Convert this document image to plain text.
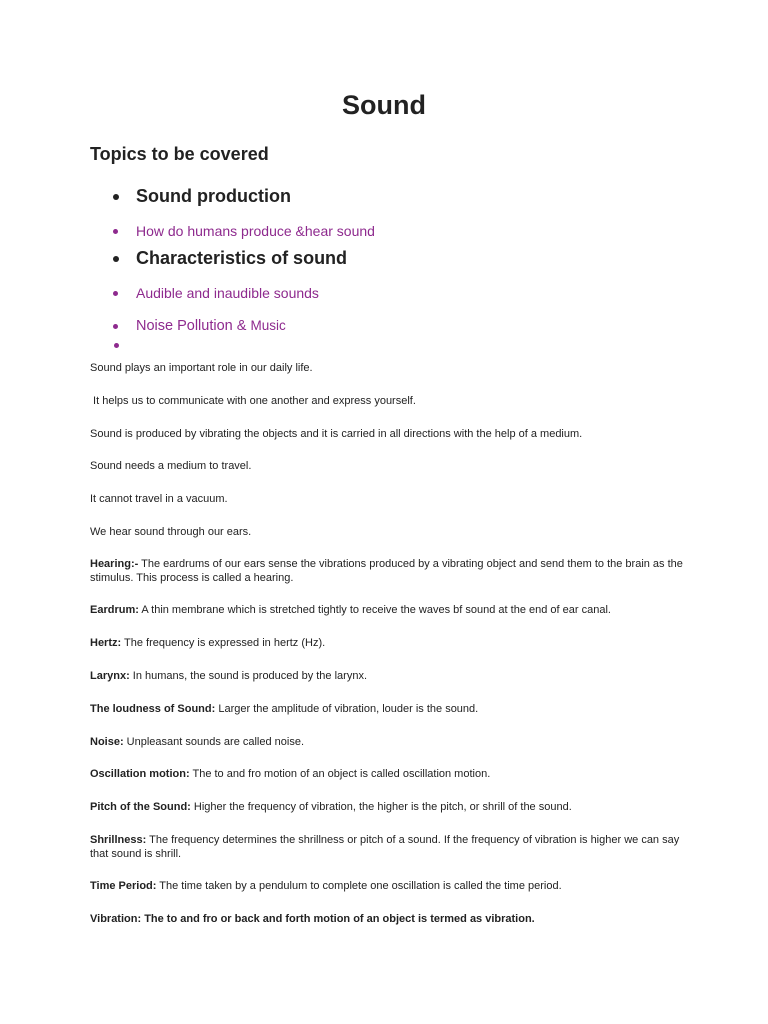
Sound
Topics to be covered
Sound production
How do humans produce &hear sound
Characteristics of sound
Audible and inaudible sounds
Noise Pollution & Music

Sound plays an important role in our daily life.

It helps us to communicate with one another and express yourself.

Sound is produced by vibrating the objects and it is carried in all directions with the help of a medium.

Sound needs a medium to travel.

It cannot travel in a vacuum.

We hear sound through our ears.

Hearing:- The eardrums of our ears sense the vibrations produced by a vibrating object and send them to the brain as the stimulus. This process is called a hearing.

Eardrum: A thin membrane which is stretched tightly to receive the waves bf sound at the end of ear canal.

Hertz: The frequency is expressed in hertz (Hz).

Larynx: In humans, the sound is produced by the larynx.

The loudness of Sound: Larger the amplitude of vibration, louder is the sound.

Noise: Unpleasant sounds are called noise.

Oscillation motion: The to and fro motion of an object is called oscillation motion.

Pitch of the Sound: Higher the frequency of vibration, the higher is the pitch, or shrill of the sound.

Shrillness: The frequency determines the shrillness or pitch of a sound. If the frequency of vibration is higher we can say that sound is shrill.

Time Period: The time taken by a pendulum to complete one oscillation is called the time period.

Vibration: The to and fro or back and forth motion of an object is termed as vibration.
